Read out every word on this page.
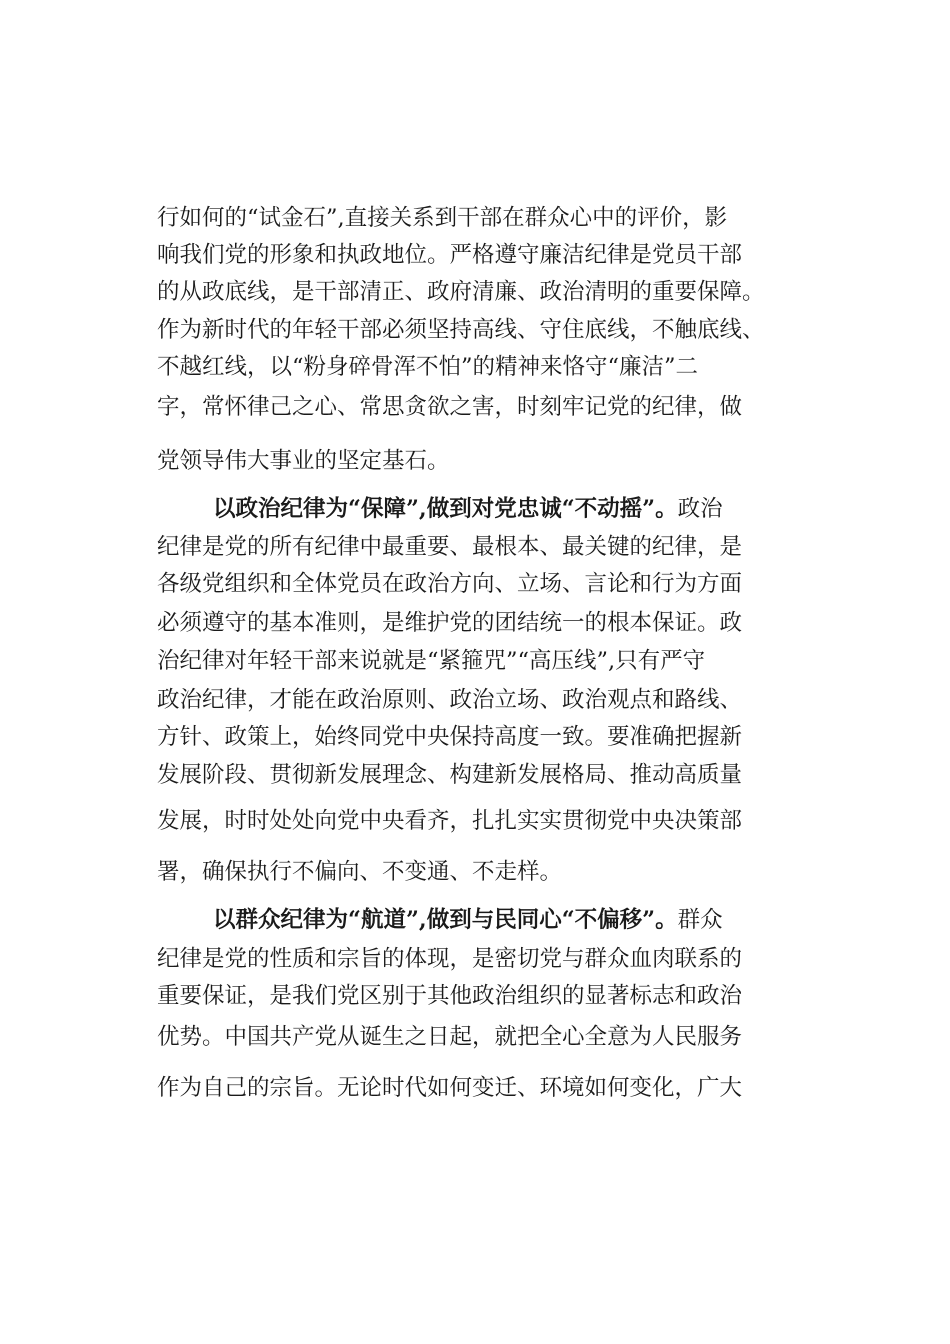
行如何的“试金石”,直接关系到干部在群众心中的评价，影
响我们党的形象和执政地位。严格遵守廉洁纪律是党员干部
的从政底线，是干部清正、政府清廉、政治清明的重要保障。
作为新时代的年轻干部必须坚持高线、守住底线，不触底线、
不越红线，以“粉身碎骨浑不怕”的精神来恪守“廉洁”二
字，常怀律己之心、常思贪欲之害，时刻牢记党的纪律，做
党领导伟大事业的坚定基石。
以政治纪律为“保障”,做到对党忠诚“不动摇”。政治
纪律是党的所有纪律中最重要、最根本、最关键的纪律，是
各级党组织和全体党员在政治方向、立场、言论和行为方面
必须遵守的基本准则，是维护党的团结统一的根本保证。政
治纪律对年轻干部来说就是“紧箍咒”“高压线”,只有严守
政治纪律，才能在政治原则、政治立场、政治观点和路线、
方针、政策上，始终同党中央保持高度一致。要准确把握新
发展阶段、贯彻新发展理念、构建新发展格局、推动高质量
发展，时时处处向党中央看齐，扎扎实实贯彻党中央决策部
署，确保执行不偏向、不变通、不走样。
以群众纪律为“航道”,做到与民同心“不偏移”。群众
纪律是党的性质和宗旨的体现，是密切党与群众血肉联系的
重要保证，是我们党区别于其他政治组织的显著标志和政治
优势。中国共产党从诞生之日起，就把全心全意为人民服务
作为自己的宗旨。无论时代如何变迁、环境如何变化，广大
